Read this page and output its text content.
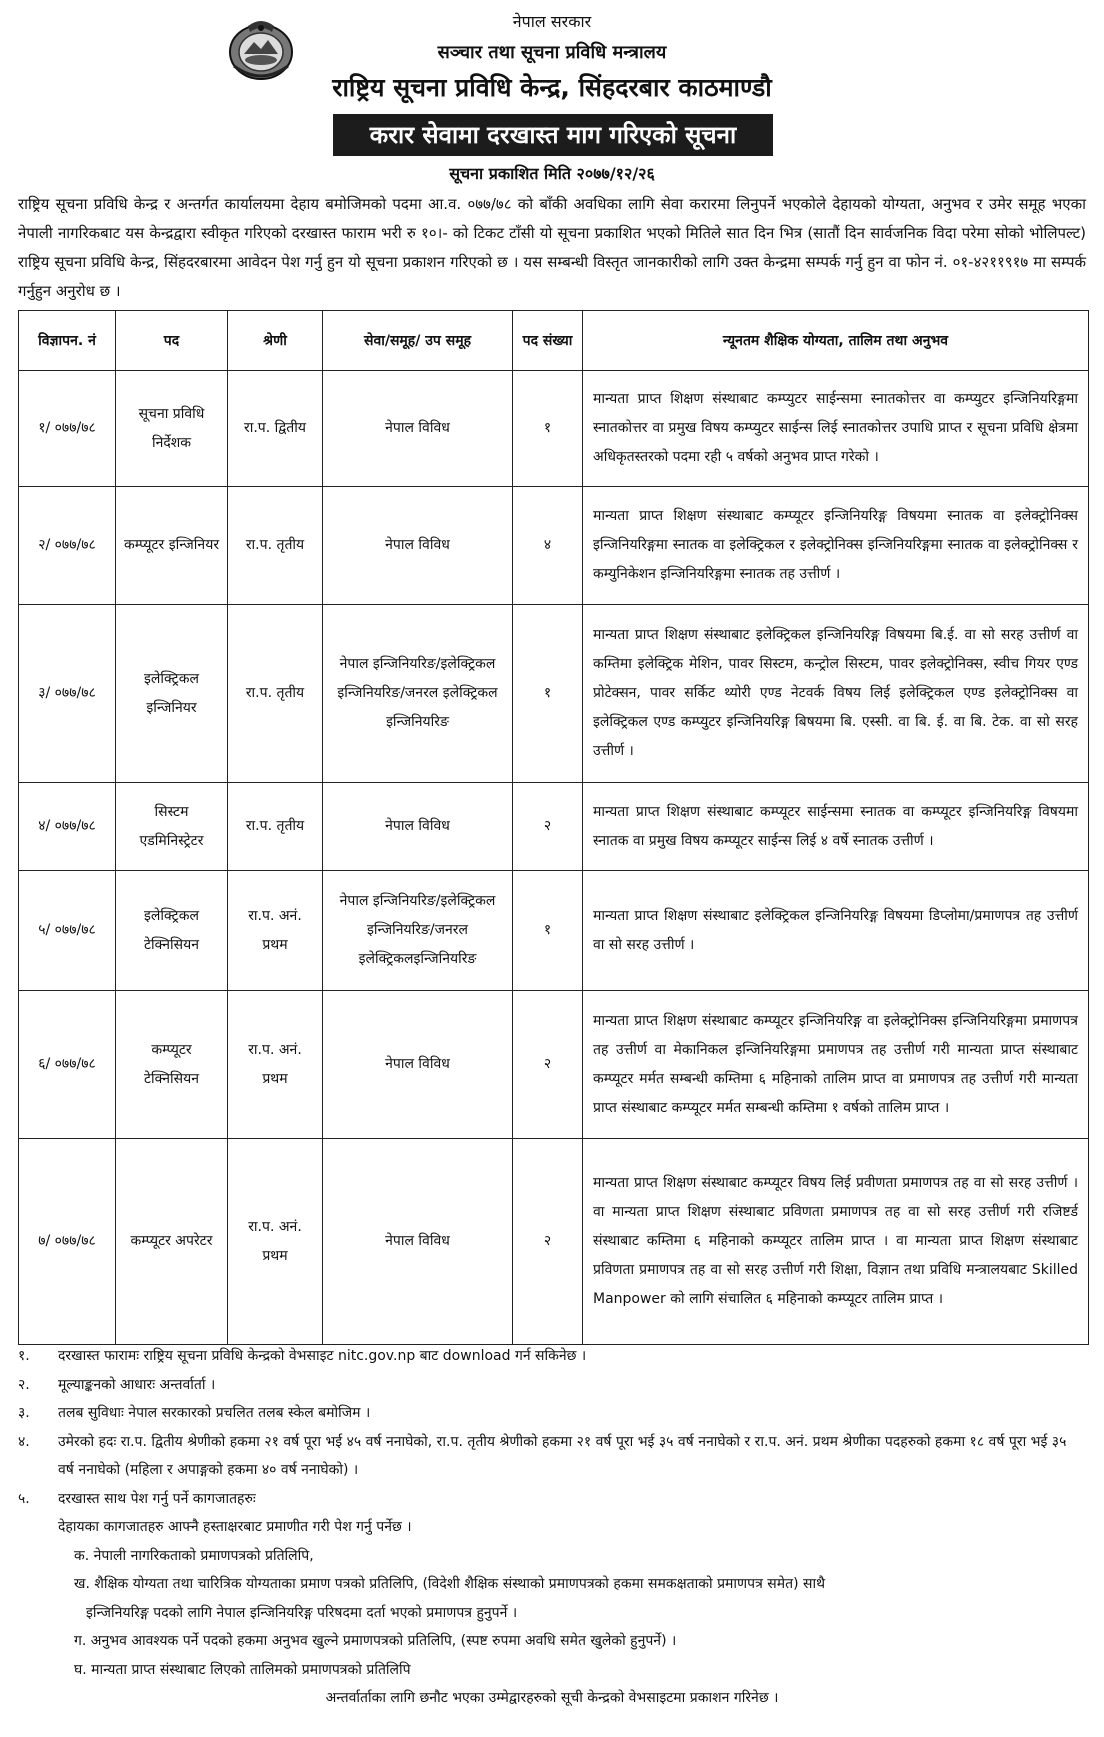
नेपाल सरकार
सञ्चार तथा सूचना प्रविधि मन्त्रालय
राष्ट्रिय सूचना प्रविधि केन्द्र, सिंहदरबार काठमाण्डौ
करार सेवामा दरखास्त माग गरिएको सूचना
सूचना प्रकाशित मिति २०७७/१२/२६

राष्ट्रिय सूचना प्रविधि केन्द्र र अन्तर्गत कार्यालयमा देहाय बमोजिमको पदमा आ.व. ०७७/७८ को बाँकी अवधिका लागि सेवा करारमा लिनुपर्ने भएकोले देहायको योग्यता, अनुभव र उमेर समूह भएका नेपाली नागरिकबाट यस केन्द्रद्वारा स्वीकृत गरिएको दरखास्त फाराम भरी रु १०।- को टिकट टाँसी यो सूचना प्रकाशित भएको मितिले सात दिन भित्र (सातौं दिन सार्वजनिक विदा परेमा सोको भोलिपल्ट) राष्ट्रिय सूचना प्रविधि केन्द्र, सिंहदरबारमा आवेदन पेश गर्नु हुन यो सूचना प्रकाशन गरिएको छ । यस सम्बन्धी विस्तृत जानकारीको लागि उक्त केन्द्रमा सम्पर्क गर्नु हुन वा फोन नं. ०१-४२११९१७ मा सम्पर्क गर्नुहुन अनुरोध छ ।

विज्ञापन. नं	पद	श्रेणी	सेवा/समूह/ उप समूह	पद संख्या	न्यूनतम शैक्षिक योग्यता, तालिम तथा अनुभव
१/ ०७७/७८	सूचना प्रविधि निर्देशक	रा.प. द्वितीय	नेपाल विविध	१	मान्यता प्राप्त शिक्षण संस्थाबाट कम्प्युटर साईन्समा स्नातकोत्तर वा कम्प्युटर इन्जिनियरिङ्गमा स्नातकोत्तर वा प्रमुख विषय कम्प्युटर साईन्स लिई स्नातकोत्तर उपाधि प्राप्त र सूचना प्रविधि क्षेत्रमा अधिकृतस्तरको पदमा रही ५ वर्षको अनुभव प्राप्त गरेको ।
२/ ०७७/७८	कम्प्यूटर इन्जिनियर	रा.प. तृतीय	नेपाल विविध	४	मान्यता प्राप्त शिक्षण संस्थाबाट कम्प्यूटर इन्जिनियरिङ्ग विषयमा स्नातक वा इलेक्ट्रोनिक्स इन्जिनियरिङ्गमा स्नातक वा इलेक्ट्रिकल र इलेक्ट्रोनिक्स इन्जिनियरिङ्गमा स्नातक वा इलेक्ट्रोनिक्स र कम्युनिकेशन इन्जिनियरिङ्गमा स्नातक तह उत्तीर्ण ।
३/ ०७७/७८	इलेक्ट्रिकल इन्जिनियर	रा.प. तृतीय	नेपाल इन्जिनियरिङ/इलेक्ट्रिकल इन्जिनियरिङ/जनरल इलेक्ट्रिकल इन्जिनियरिङ	१	मान्यता प्राप्त शिक्षण संस्थाबाट इलेक्ट्रिकल इन्जिनियरिङ्ग विषयमा बि.ई. वा सो सरह उत्तीर्ण वा कम्तिमा इलेक्ट्रिक मेशिन, पावर सिस्टम, कन्ट्रोल सिस्टम, पावर इलेक्ट्रोनिक्स, स्वीच गियर एण्ड प्रोटेक्सन, पावर सर्किट थ्योरी एण्ड नेटवर्क विषय लिई इलेक्ट्रिकल एण्ड इलेक्ट्रोनिक्स वा इलेक्ट्रिकल एण्ड कम्प्युटर इन्जिनियरिङ्ग बिषयमा बि. एस्सी. वा बि. ई. वा बि. टेक. वा सो सरह उत्तीर्ण ।
४/ ०७७/७८	सिस्टम एडमिनिस्ट्रेटर	रा.प. तृतीय	नेपाल विविध	२	मान्यता प्राप्त शिक्षण संस्थाबाट कम्प्यूटर साईन्समा स्नातक वा कम्प्यूटर इन्जिनियरिङ्ग विषयमा स्नातक वा प्रमुख विषय कम्प्यूटर साईन्स लिई ४ वर्षे स्नातक उत्तीर्ण ।
५/ ०७७/७८	इलेक्ट्रिकल टेक्निसियन	रा.प. अनं. प्रथम	नेपाल इन्जिनियरिङ/इलेक्ट्रिकल इन्जिनियरिङ/जनरल इलेक्ट्रिकलइन्जिनियरिङ	१	मान्यता प्राप्त शिक्षण संस्थाबाट इलेक्ट्रिकल इन्जिनियरिङ्ग विषयमा डिप्लोमा/प्रमाणपत्र तह उत्तीर्ण वा सो सरह उत्तीर्ण ।
६/ ०७७/७८	कम्प्यूटर टेक्निसियन	रा.प. अनं. प्रथम	नेपाल विविध	२	मान्यता प्राप्त शिक्षण संस्थाबाट कम्प्यूटर इन्जिनियरिङ्ग वा इलेक्ट्रोनिक्स इन्जिनियरिङ्गमा प्रमाणपत्र तह उत्तीर्ण वा मेकानिकल इन्जिनियरिङ्गमा प्रमाणपत्र तह उत्तीर्ण गरी मान्यता प्राप्त संस्थाबाट कम्प्यूटर मर्मत सम्बन्धी कम्तिमा ६ महिनाको तालिम प्राप्त वा प्रमाणपत्र तह उत्तीर्ण गरी मान्यता प्राप्त संस्थाबाट कम्प्यूटर मर्मत सम्बन्धी कम्तिमा १ वर्षको तालिम प्राप्त ।
७/ ०७७/७८	कम्प्यूटर अपरेटर	रा.प. अनं. प्रथम	नेपाल विविध	२	मान्यता प्राप्त शिक्षण संस्थाबाट कम्प्यूटर विषय लिई प्रवीणता प्रमाणपत्र तह वा सो सरह उत्तीर्ण । वा मान्यता प्राप्त शिक्षण संस्थाबाट प्रविणता प्रमाणपत्र तह वा सो सरह उत्तीर्ण गरी रजिष्टर्ड संस्थाबाट कम्तिमा ६ महिनाको कम्प्यूटर तालिम प्राप्त । वा मान्यता प्राप्त शिक्षण संस्थाबाट प्रविणता प्रमाणपत्र तह वा सो सरह उत्तीर्ण गरी शिक्षा, विज्ञान तथा प्रविधि मन्त्रालयबाट Skilled Manpower को लागि संचालित ६ महिनाको कम्प्यूटर तालिम प्राप्त ।
१. दरखास्त फारामः राष्ट्रिय सूचना प्रविधि केन्द्रको वेभसाइट nitc.gov.np बाट download गर्न सकिनेछ ।
२. मूल्याङ्कनको आधारः अन्तर्वार्ता ।
३. तलब सुविधाः नेपाल सरकारको प्रचलित तलब स्केल बमोजिम ।
४. उमेरको हदः रा.प. द्वितीय श्रेणीको हकमा २१ वर्ष पूरा भई ४५ वर्ष ननाघेको, रा.प. तृतीय श्रेणीको हकमा २१ वर्ष पूरा भई ३५ वर्ष ननाघेको र रा.प. अनं. प्रथम श्रेणीका पदहरुको हकमा १८ वर्ष पूरा भई ३५ वर्ष ननाघेको (महिला र अपाङ्गको हकमा ४० वर्ष ननाघेको) ।
५. दरखास्त साथ पेश गर्नु पर्ने कागजातहरुः
देहायका कागजातहरु आफ्नै हस्ताक्षरबाट प्रमाणीत गरी पेश गर्नु पर्नेछ ।
क. नेपाली नागरिकताको प्रमाणपत्रको प्रतिलिपि,
ख. शैक्षिक योग्यता तथा चारित्रिक योग्यताका प्रमाण पत्रको प्रतिलिपि, (विदेशी शैक्षिक संस्थाको प्रमाणपत्रको हकमा समकक्षताको प्रमाणपत्र समेत) साथै
इन्जिनियरिङ्ग पदको लागि नेपाल इन्जिनियरिङ्ग परिषदमा दर्ता भएको प्रमाणपत्र हुनुपर्ने ।
ग. अनुभव आवश्यक पर्ने पदको हकमा अनुभव खुल्ने प्रमाणपत्रको प्रतिलिपि, (स्पष्ट रुपमा अवधि समेत खुलेको हुनुपर्ने) ।
घ. मान्यता प्राप्त संस्थाबाट लिएको तालिमको प्रमाणपत्रको प्रतिलिपि
अन्तर्वार्ताका लागि छनौट भएका उम्मेद्वारहरुको सूची केन्द्रको वेभसाइटमा प्रकाशन गरिनेछ ।
